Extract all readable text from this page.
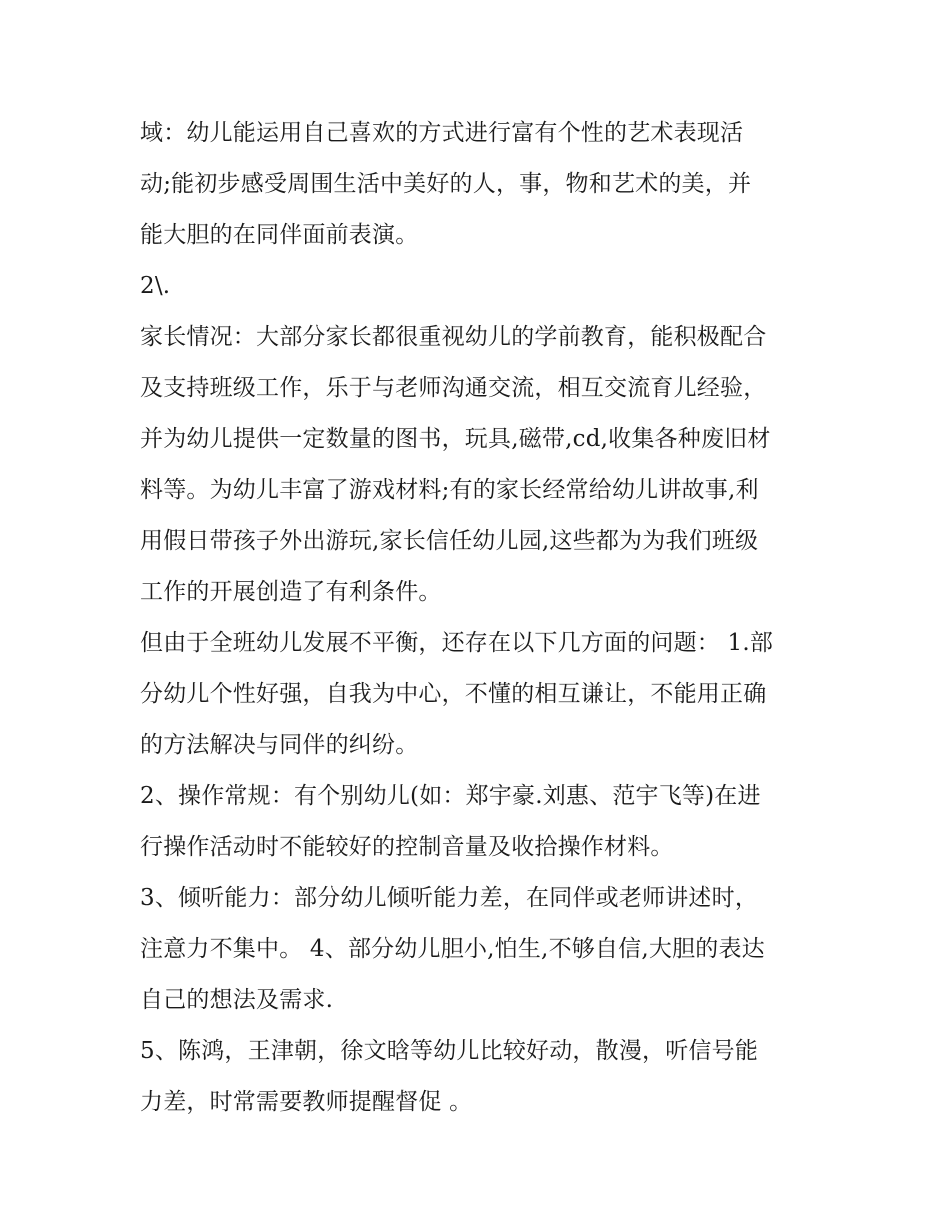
域：幼儿能运用自己喜欢的方式进行富有个性的艺术表现活
动;能初步感受周围生活中美好的人，事，物和艺术的美，并
能大胆的在同伴面前表演。
2\.
家长情况：大部分家长都很重视幼儿的学前教育，能积极配合
及支持班级工作，乐于与老师沟通交流，相互交流育儿经验，
并为幼儿提供一定数量的图书，玩具,磁带,cd,收集各种废旧材
料等。为幼儿丰富了游戏材料;有的家长经常给幼儿讲故事,利
用假日带孩子外出游玩,家长信任幼儿园,这些都为为我们班级
工作的开展创造了有利条件。
但由于全班幼儿发展不平衡，还存在以下几方面的问题： 1.部
分幼儿个性好强，自我为中心，不懂的相互谦让，不能用正确
的方法解决与同伴的纠纷。
2、操作常规：有个别幼儿(如：郑宇豪.刘惠、范宇飞等)在进
行操作活动时不能较好的控制音量及收拾操作材料。
3、倾听能力：部分幼儿倾听能力差，在同伴或老师讲述时，
注意力不集中。 4、部分幼儿胆小,怕生,不够自信,大胆的表达
自己的想法及需求.
5、陈鸿，王津朝，徐文晗等幼儿比较好动，散漫，听信号能
力差，时常需要教师提醒督促 。
